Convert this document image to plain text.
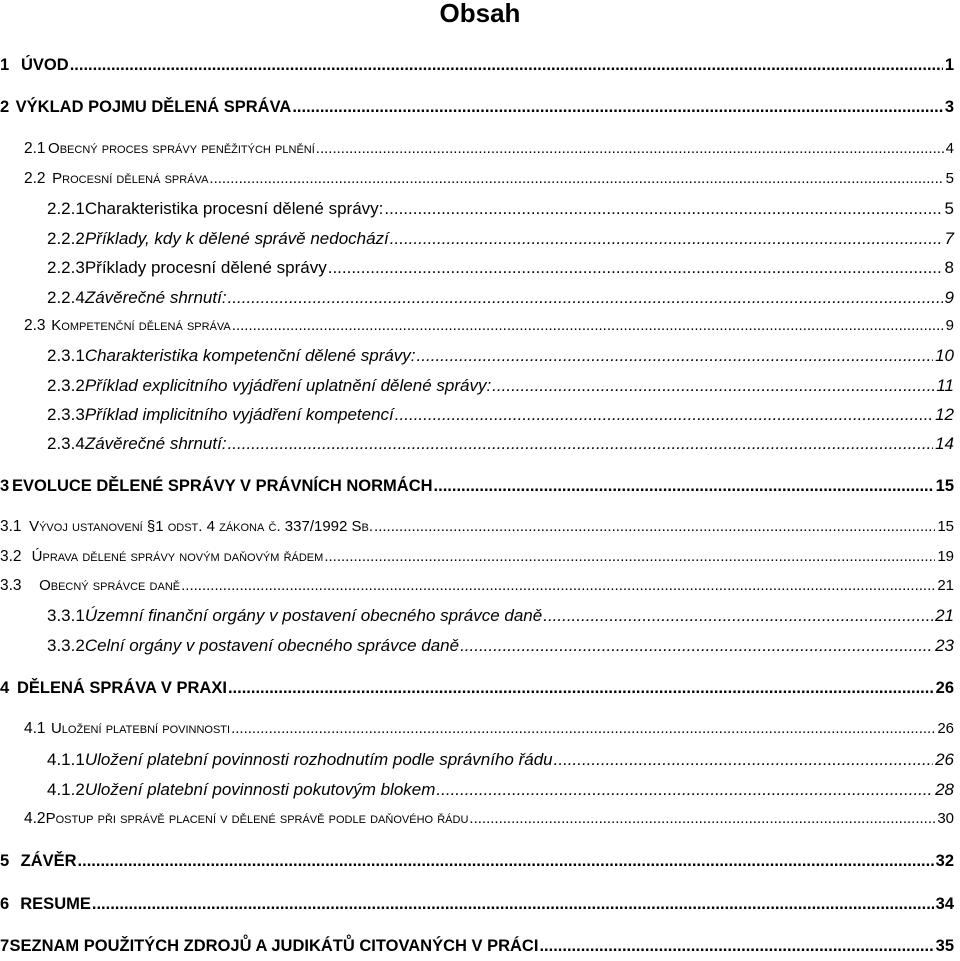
Obsah
1 ÚVOD .....	1
2 VÝKLAD POJMU DĚLENÁ SPRÁVA .....	3
2.1 Obecný proces správy peněžitých plnění .....	4
2.2 Procesní dělená správa .....	5
2.2.1 Charakteristika procesní dělené správy: .....	5
2.2.2 Příklady, kdy k dělené správě nedochází .....	7
2.2.3 Příklady procesní dělené správy .....	8
2.2.4 Závěrečné shrnutí: .....	9
2.3 Kompetenční dělená správa .....	9
2.3.1 Charakteristika kompetenční dělené správy: .....	10
2.3.2 Příklad explicitního vyjádření uplatnění dělené správy: .....	11
2.3.3 Příklad implicitního vyjádření kompetencí .....	12
2.3.4 Závěrečné shrnutí: .....	14
3 EVOLUCE DĚLENÉ SPRÁVY V PRÁVNÍCH NORMÁCH .....	15
3.1 Vývoj ustanovení §1 odst. 4 zákona č. 337/1992 Sb. .....	15
3.2 Úprava dělené správy novým daňovým řádem .....	19
3.3	Obecný správce daně .....	21
3.3.1 Územní finanční orgány v postavení obecného správce daně .....	21
3.3.2 Celní orgány v postavení obecného správce daně .....	23
4 DĚLENÁ SPRÁVA V PRAXI .....	26
4.1 Uložení platební povinnosti .....	26
4.1.1 Uložení platební povinnosti rozhodnutím podle správního řádu .....	26
4.1.2 Uložení platební povinnosti pokutovým blokem .....	28
4.2 Postup při správě placení v dělené správě podle daňového řádu .....	30
5 ZÁVĚR .....	32
6 RESUME .....	34
7 SEZNAM POUŽITÝCH ZDROJŮ A JUDIKÁTŮ CITOVANÝCH V PRÁCI .....	35
